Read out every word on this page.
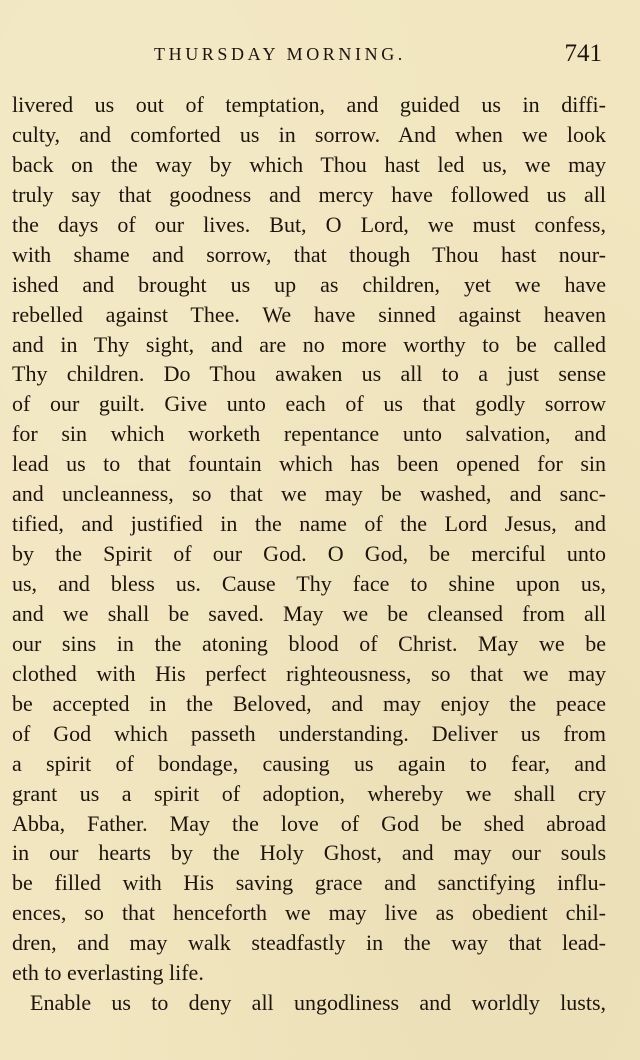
THURSDAY MORNING.	741
livered us out of temptation, and guided us in diffi-
culty, and comforted us in sorrow. And when we look
back on the way by which Thou hast led us, we may
truly say that goodness and mercy have followed us all
the days of our lives. But, O Lord, we must confess,
with shame and sorrow, that though Thou hast nour-
ished and brought us up as children, yet we have
rebelled against Thee. We have sinned against heaven
and in Thy sight, and are no more worthy to be called
Thy children. Do Thou awaken us all to a just sense
of our guilt. Give unto each of us that godly sorrow
for sin which worketh repentance unto salvation, and
lead us to that fountain which has been opened for sin
and uncleanness, so that we may be washed, and sanc-
tified, and justified in the name of the Lord Jesus, and
by the Spirit of our God. O God, be merciful unto
us, and bless us. Cause Thy face to shine upon us,
and we shall be saved. May we be cleansed from all
our sins in the atoning blood of Christ. May we be
clothed with His perfect righteousness, so that we may
be accepted in the Beloved, and may enjoy the peace
of God which passeth understanding. Deliver us from
a spirit of bondage, causing us again to fear, and
grant us a spirit of adoption, whereby we shall cry
Abba, Father. May the love of God be shed abroad
in our hearts by the Holy Ghost, and may our souls
be filled with His saving grace and sanctifying influ-
ences, so that henceforth we may live as obedient chil-
dren, and may walk steadfastly in the way that lead-
eth to everlasting life.
Enable us to deny all ungodliness and worldly lusts,
